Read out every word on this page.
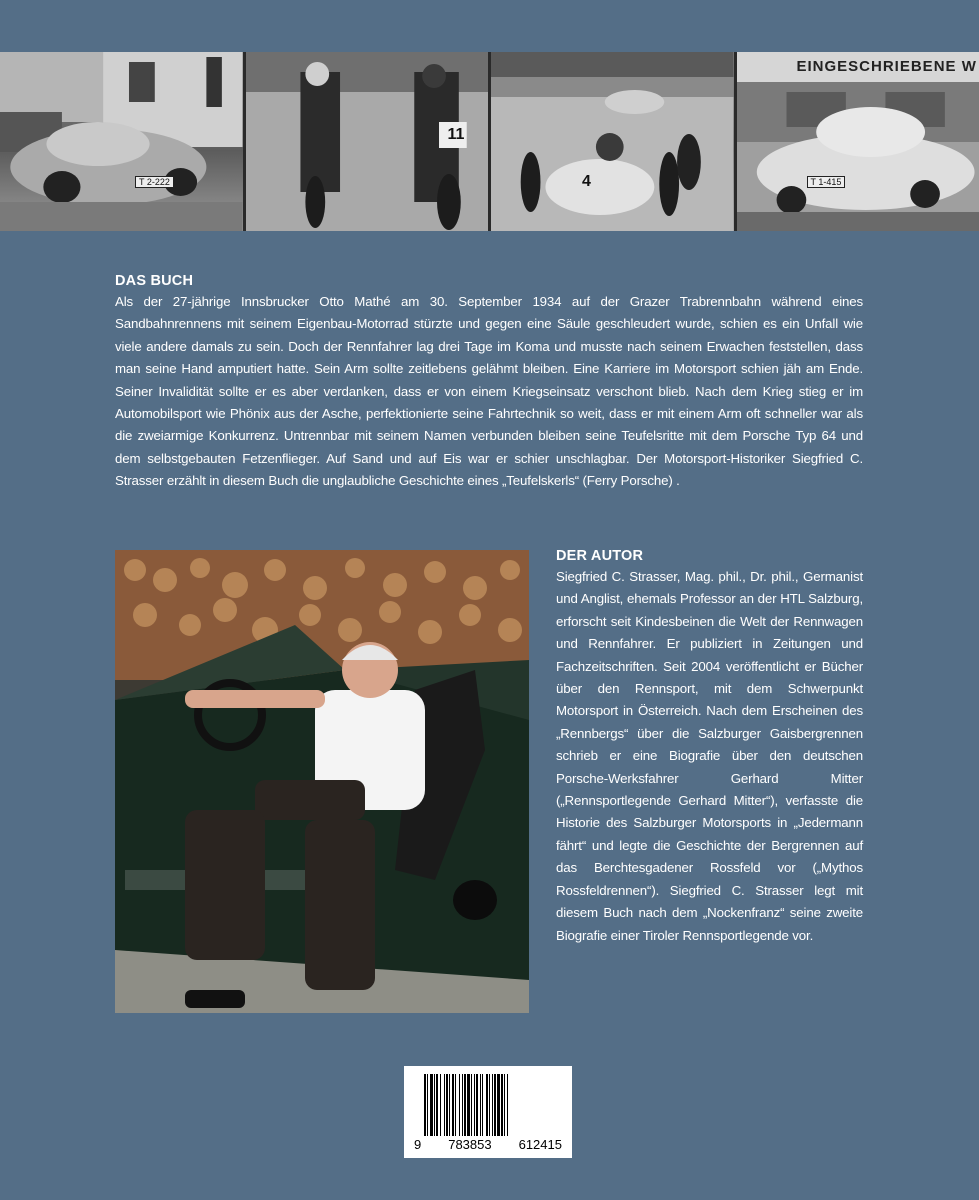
T 2-222
11
4
EINGESCHRIEBENE W
T 1-415
DAS BUCH

Als der 27-jährige Innsbrucker Otto Mathé am 30. September 1934 auf der Grazer Trabrennbahn während eines Sandbahnrennens mit seinem Eigenbau-Motorrad stürzte und gegen eine Säule geschleudert wurde, schien es ein Unfall wie viele andere damals zu sein. Doch der Rennfahrer lag drei Tage im Koma und musste nach seinem Erwachen feststellen, dass man seine Hand amputiert hatte. Sein Arm sollte zeitlebens gelähmt bleiben. Eine Karriere im Motorsport schien jäh am Ende. Seiner Invalidität sollte er es aber verdanken, dass er von einem Kriegseinsatz verschont blieb. Nach dem Krieg stieg er im Automobilsport wie Phönix aus der Asche, perfektionierte seine Fahrtechnik so weit, dass er mit einem Arm oft schneller war als die zweiarmige Konkurrenz. Untrennbar mit seinem Namen verbunden bleiben seine Teufelsritte mit dem Porsche Typ 64 und dem selbstgebauten Fetzenflieger. Auf Sand und auf Eis war er schier unschlagbar. Der Motorsport-Historiker Siegfried C. Strasser erzählt in diesem Buch die unglaubliche Geschichte eines „Teufelskerls“ (Ferry Porsche) .

DER AUTOR

Siegfried C. Strasser, Mag. phil., Dr. phil., Germanist und Anglist, ehemals Professor an der HTL Salzburg, erforscht seit Kindesbeinen die Welt der Rennwagen und Rennfahrer. Er publiziert in Zeitungen und Fachzeitschriften. Seit 2004 veröffentlicht er Bücher über den Rennsport, mit dem Schwerpunkt Motorsport in Österreich. Nach dem Erscheinen des „Rennbergs“ über die Salzburger Gaisbergrennen schrieb er eine Biografie über den deutschen Porsche-Werksfahrer Gerhard Mitter („Rennsportlegende Gerhard Mitter“), verfasste die Historie des Salzburger Motorsports in „Jedermann fährt“ und legte die Geschichte der Bergrennen auf das Berchtesgadener Rossfeld vor („Mythos Rossfeldrennen“). Siegfried C. Strasser legt mit diesem Buch nach dem „Nockenfranz“ seine zweite Biografie einer Tiroler Rennsportlegende vor.

9 783853 612415
